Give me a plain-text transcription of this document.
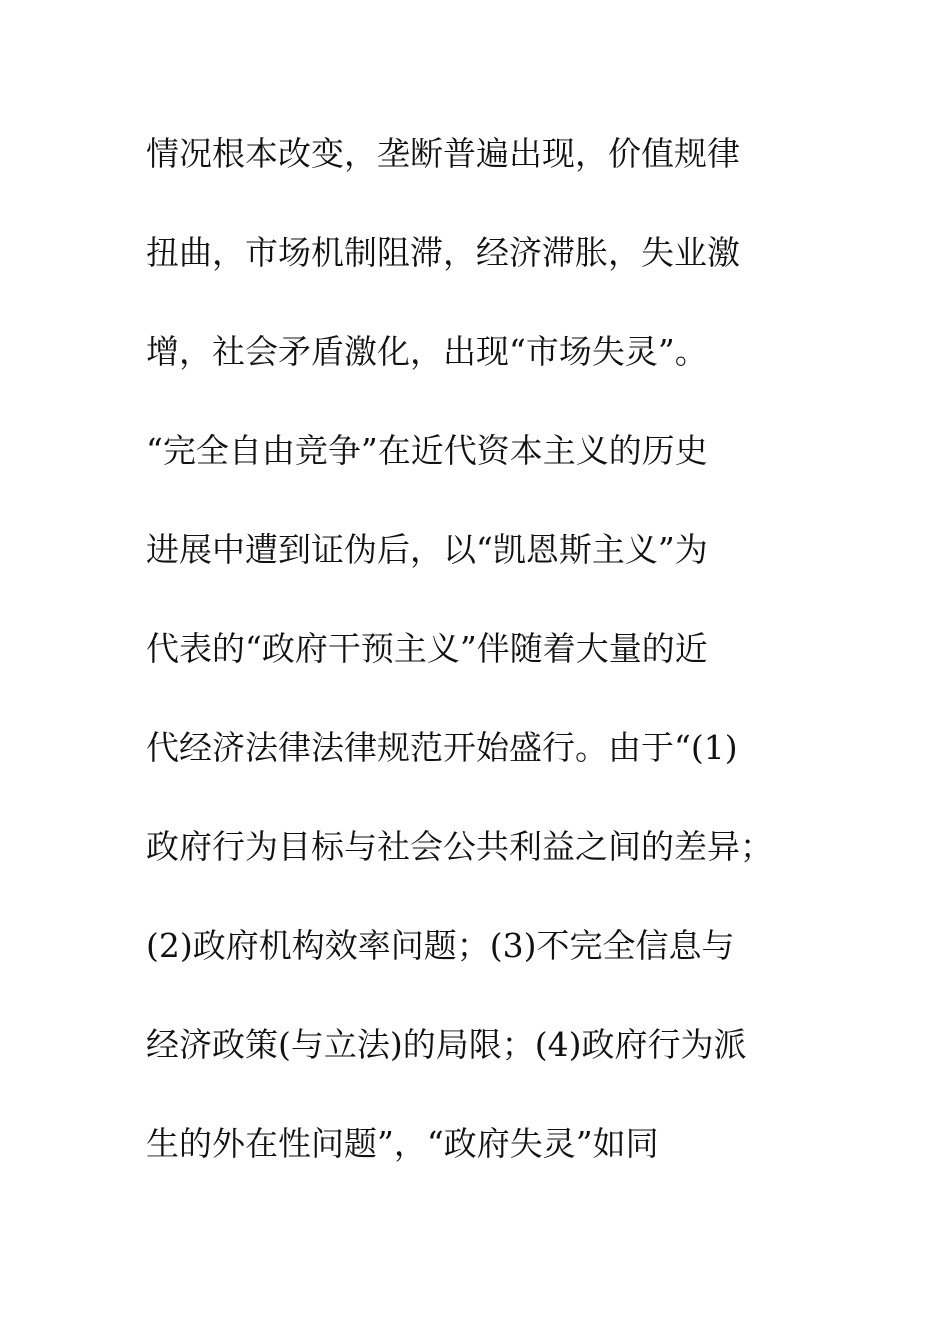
情况根本改变，垄断普遍出现，价值规律
扭曲，市场机制阻滞，经济滞胀，失业激
增，社会矛盾激化，出现“市场失灵”。
“完全自由竞争”在近代资本主义的历史
进展中遭到证伪后，以“凯恩斯主义”为
代表的“政府干预主义”伴随着大量的近
代经济法律法律规范开始盛行。由于“(1)
政府行为目标与社会公共利益之间的差异；
(2)政府机构效率问题；(3)不完全信息与
经济政策(与立法)的局限；(4)政府行为派
生的外在性问题”，“政府失灵”如同
